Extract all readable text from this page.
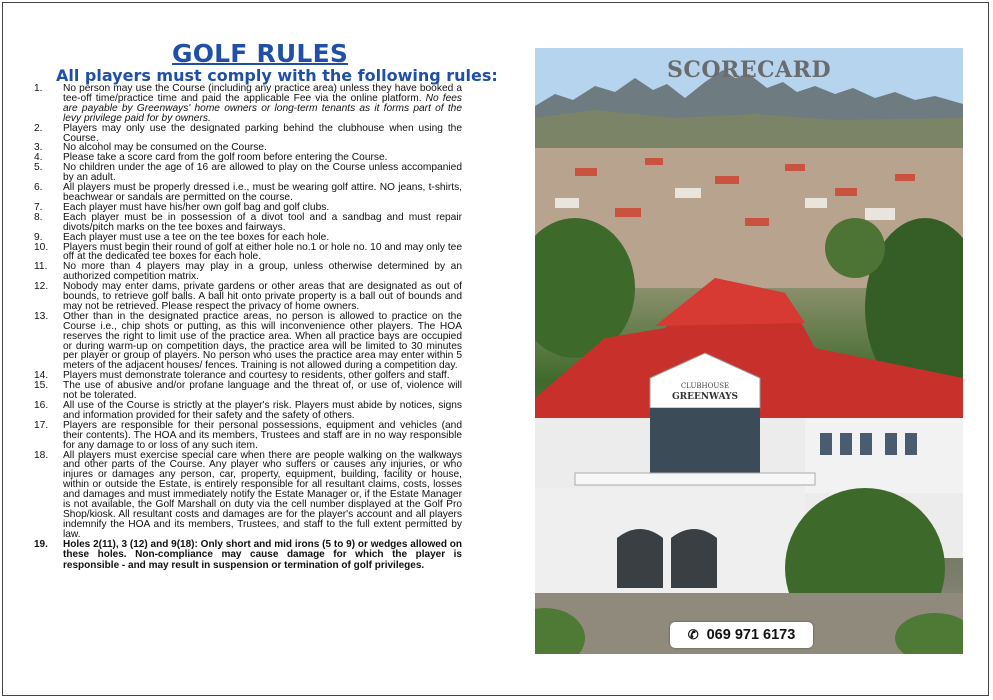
GOLF RULES

All players must comply with the following rules:

1. No person may use the Course (including any practice area) unless they have booked a tee-off time/practice time and paid the applicable Fee via the online platform. No fees are payable by Greenways' home owners or long-term tenants as it forms part of the levy privilege paid for by owners.
2. Players may only use the designated parking behind the clubhouse when using the Course.
3. No alcohol may be consumed on the Course.
4. Please take a score card from the golf room before entering the Course.
5. No children under the age of 16 are allowed to play on the Course unless accompanied by an adult.
6. All players must be properly dressed i.e., must be wearing golf attire. NO jeans, t-shirts, beachwear or sandals are permitted on the course.
7. Each player must have his/her own golf bag and golf clubs.
8. Each player must be in possession of a divot tool and a sandbag and must repair divots/pitch marks on the tee boxes and fairways.
9. Each player must use a tee on the tee boxes for each hole.
10. Players must begin their round of golf at either hole no.1 or hole no. 10 and may only tee off at the dedicated tee boxes for each hole.
11. No more than 4 players may play in a group, unless otherwise determined by an authorized competition matrix.
12. Nobody may enter dams, private gardens or other areas that are designated as out of bounds, to retrieve golf balls. A ball hit onto private property is a ball out of bounds and may not be retrieved. Please respect the privacy of home owners.
13. Other than in the designated practice areas, no person is allowed to practice on the Course i.e., chip shots or putting, as this will inconvenience other players. The HOA reserves the right to limit use of the practice area. When all practice bays are occupied or during warm-up on competition days, the practice area will be limited to 30 minutes per player or group of players. No person who uses the practice area may enter within 5 meters of the adjacent houses/ fences. Training is not allowed during a competition day.
14. Players must demonstrate tolerance and courtesy to residents, other golfers and staff.
15. The use of abusive and/or profane language and the threat of, or use of, violence will not be tolerated.
16. All use of the Course is strictly at the player's risk. Players must abide by notices, signs and information provided for their safety and the safety of others.
17. Players are responsible for their personal possessions, equipment and vehicles (and their contents). The HOA and its members, Trustees and staff are in no way responsible for any damage to or loss of any such item.
18. All players must exercise special care when there are people walking on the walkways and other parts of the Course. Any player who suffers or causes any injuries, or who injures or damages any person, car, property, equipment, building, facility or house, within or outside the Estate, is entirely responsible for all resultant claims, costs, losses and damages and must immediately notify the Estate Manager or, if the Estate Manager is not available, the Golf Marshall on duty via the cell number displayed at the Golf Pro Shop/kiosk. All resultant costs and damages are for the player's account and all players indemnify the HOA and its members, Trustees, and staff to the full extent permitted by law.
19. Holes 2(11), 3 (12) and 9(18): Only short and mid irons (5 to 9) or wedges allowed on these holes. Non-compliance may cause damage for which the player is responsible - and may result in suspension or termination of golf privileges.
CLUBHOUSE
GREENWAYS

SCORECARD

✆ 069 971 6173
